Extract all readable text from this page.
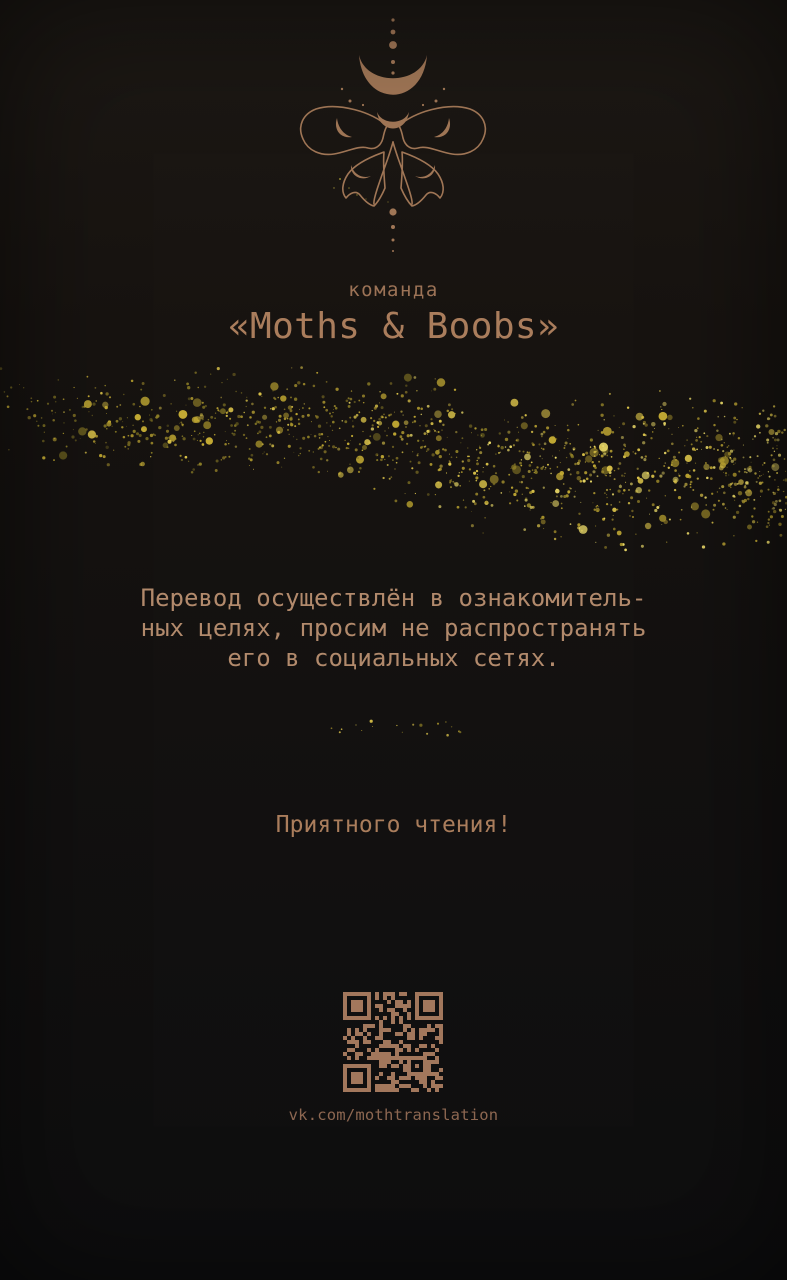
команда
«Moths & Boobs»
Перевод осуществлён в ознакомитель-
ных целях, просим не распространять
его в социальных сетях.
Приятного чтения!
vk.com/mothtranslation
